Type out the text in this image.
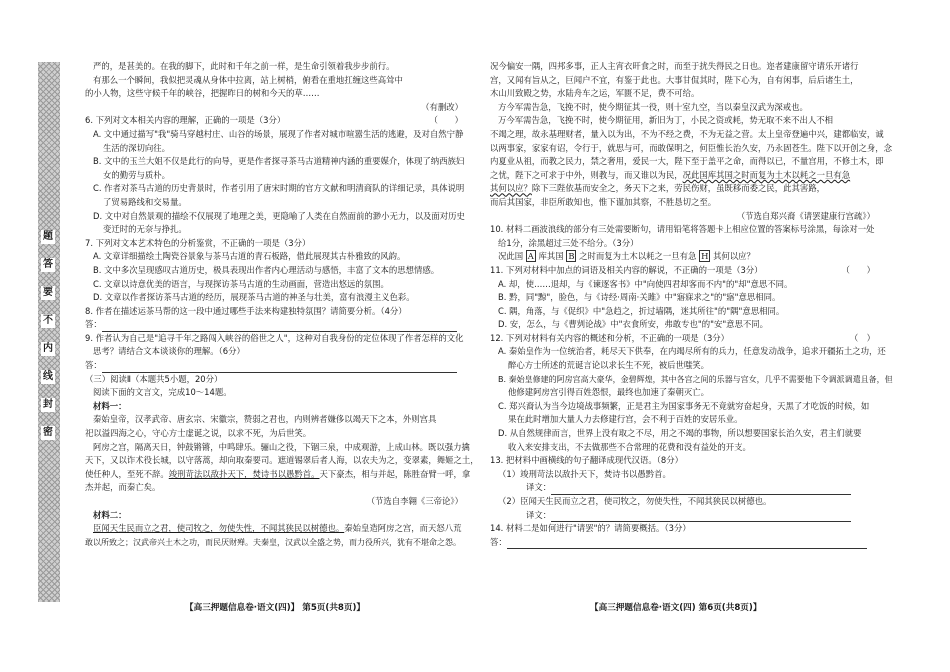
题
答
要
不
内
线
封
密

严的，是甚美的。在我的脚下，此时和千年之前一样，是生命引领着我步步前行。

有那么一个瞬间，我似把灵魂从身体中拉离，站上树梢，俯看在重地扛缠这些高耸中

的小人物，这些守候千年的峡谷，把握昨日的树和今天的草……

（有删改）

6. 下列对文本相关内容的理解，正确的一项是（3分）	（　　）

A. 文中通过描写"我"骑马穿越村庄、山谷的场景，展现了作者对城市喧嚣生活的逃避，及对自然宁静

生活的深切向往。

B. 文中的玉兰大姐不仅是此行的向导，更是作者探寻茶马古道精神内涵的重要媒介，体现了纳西族妇

女的勤劳与质朴。

C. 作者对茶马古道的历史背景时，作者引用了唐宋时期的官方文献和明清商队的详细记录，具体说明

了贸易路线和交易量。

D. 文中对自然景观的描绘不仅展现了地理之美，更隐喻了人类在自然面前的渺小无力，以及面对历史

变迁时的无奈与挣扎。

7. 下列对文本艺术特色的分析鉴赏，不正确的一项是（3分）

A. 文章详细描绘土陶瓷谷景象与茶马古道的青石板路，借此展现其古朴雅致的风韵。

B. 文中多次呈现感叹古道历史，极具表现出作者内心理活动与感悟，丰富了文本的思想情感。

C. 文章以诗意优美的语言，与现探访茶马古道的生动画面，营造出悠远的氛围。

D. 文章以作者探访茶马古道的经历，展现茶马古道的神圣与壮美，富有浪漫主义色彩。

8. 作者在描述运茶马帮的这一段中通过哪些手法来构建独特氛围？请简要分析。（4分）

答：

9. 作者认为自己是"追寻千年之路闯入峡谷的俗世之人"，这种对自我身份的定位体现了作者怎样的文化

思考？请结合文本谈谈你的理解。（6分）

答：

（三）阅读Ⅱ（本题共5小题，20分）

阅读下面的文言文，完成10～14题。

材料一：

秦始皇帝，汉孝武帝、唐玄宗、宋徽宗，赞弱之君也，内则辨者嫌侈以竭天下之本，外则宫具

祀以溢四海之心，守心方士虚诞之说，以求不死，为后世笑。

阿房之宫，隔离天日，钟鼓锵锵，中鸣肆乐。骊山之役，下锢三泉，中成观游，上成山林。既以强力擒

天下，又以诈术役长城，以守落蒿，却向取秦要司。遮道锡翠后者人海，以农夫为之，变翠素，舞姬之土，

使任种人，至死不辞。竣刑苛法以敌扑天下，焚诗书以愚黔首。天下豪杰，相与并起，陈胜奋臂一呼，拿

杰并起，而秦亡矣。

（节选自李翱《三帝论》）

材料二：

臣闻天生民而立之君，使司牧之，勿使失性，不闻其狭民以树德也。秦始皇造阿房之宫，而天怒八荒

敢以所致之；汉武帝兴土木之功，而民厌财殚。夫秦皇，汉武以全盛之势，而力役所兴，犹有不堪命之怨。

况今偏安一隅，四邦多事，正人主宵衣旰食之时，而至于扰失得民之日也。迩者建康留守请乐开诸行

宫，又闻有旨从之，巨闻户不宜，有鉴于此也。大事甘侃其时，陛下心为，自有闲事，后后诸生土，

木山川致殿之势，水陆舟车之运，军匮不足，费不可给。

方今军需告急，飞挽不时，使今期征其一役，则十室九空，当以秦皇汉武为深戒也。

万今军需告急，飞挽不时，使今期征用，新旧为丁，小民之资或耗，势无取不来不出人不相

不竭之理，故永基理财者，量入以为出，不为不经之费，不为无益之营。太上皇帝登遍中兴，建都临安，诚

以两事家，家家有诏，令行于，就思与可，而敢保明之，何臣惟长治久安，乃永固苍生。陛下以开创之身，念

内夏业从祖，而教之民力，禁之奢用，爱民一大，陛下至于盖平之命，而得以已，不量宫用，不修土木，即

之忧，陛下之可求于中外，则教与，而又谁以为民，况此国库其国之时而复为土木以耗之一旦有急

其何以应？除下三陛依基而安全之，务天下之来，劳民伤财，虽既移而委之民，此其害路，

而后其国家，非臣所敢知也，惟下谨加其察，不胜恳切之至。

（节选自郑兴裔《请罢建康行宫疏》）

10. 材料二画波浪线的部分有三处需要断句，请用铅笔将答题卡上相应位置的答案标号涂黑，每涂对一处

给1分，涂黑超过三处不给分。（3分）

况此国 A 库其国 B 之时而复为土木以耗之一旦有急 H 其何以应？

11. 下列对材料中加点的词语及相关内容的解说，不正确的一项是（3分）	（　　）

A. 却，使……退却，与《谏逐客书》中"向使四君却客而不内"的"却"意思不同。

B. 黔，同"黥"，脸色，与《诗经·周南·关雎》中"寤寐求之"的"寤"意思相同。

C. 隅，角落，与《促织》中"急趋之，折过墙隅，迷其所往"的"隅"意思相同。

D. 安，怎么，与《曹刿论战》中"衣食所安，弗敢专也"的"安"意思不同。

12. 下列对材料有关内容的概述和分析，不正确的一项是（3分）	（　）

A. 秦始皇作为一位统治者，耗尽天下供奉，在内竭尽所有的兵力，任意发动战争，追求开疆拓土之功，还

醉心方士所述的荒诞言论以求长生不死，被后世嗤笑。

B. 秦始皇修建的阿房宫高大豪华，金碧辉煌，其中各宫之间的乐器与宫女，几乎不需要他下令调派调遣且备，但

他修建阿房宫引得百姓怨恨，最终也加速了秦朝灭亡。

C. 郑兴裔认为当今边境战事频繁，正是君主为国家事务无不竟就穷奋起身，天黑了才吃饭的时候，如

果在此时增加大量人力去修建行宫，会不利于百姓的安居乐业。

D. 从自然规律而言，世界上没有取之不尽，用之不竭的事物，所以想要国家长治久安，君主们就要

收入来安排支出，不去做那些不合常理的花费和没有益处的开支。

13. 把材料中画横线的句子翻译成现代汉语。（8分）

（1）竣刑苛法以敌扑天下，焚诗书以愚黔首。

译文：

（2）臣闻天生民而立之君，使司牧之，勿使失性，不闻其狭民以树德也。

译文：

14. 材料二是如何进行"请罢"的？请简要概括。（3分）

答：

【高三押题信息卷·语文(四)】 第5页(共8页)】	【高三押题信息卷·语文(四) 第6页(共8页)】
